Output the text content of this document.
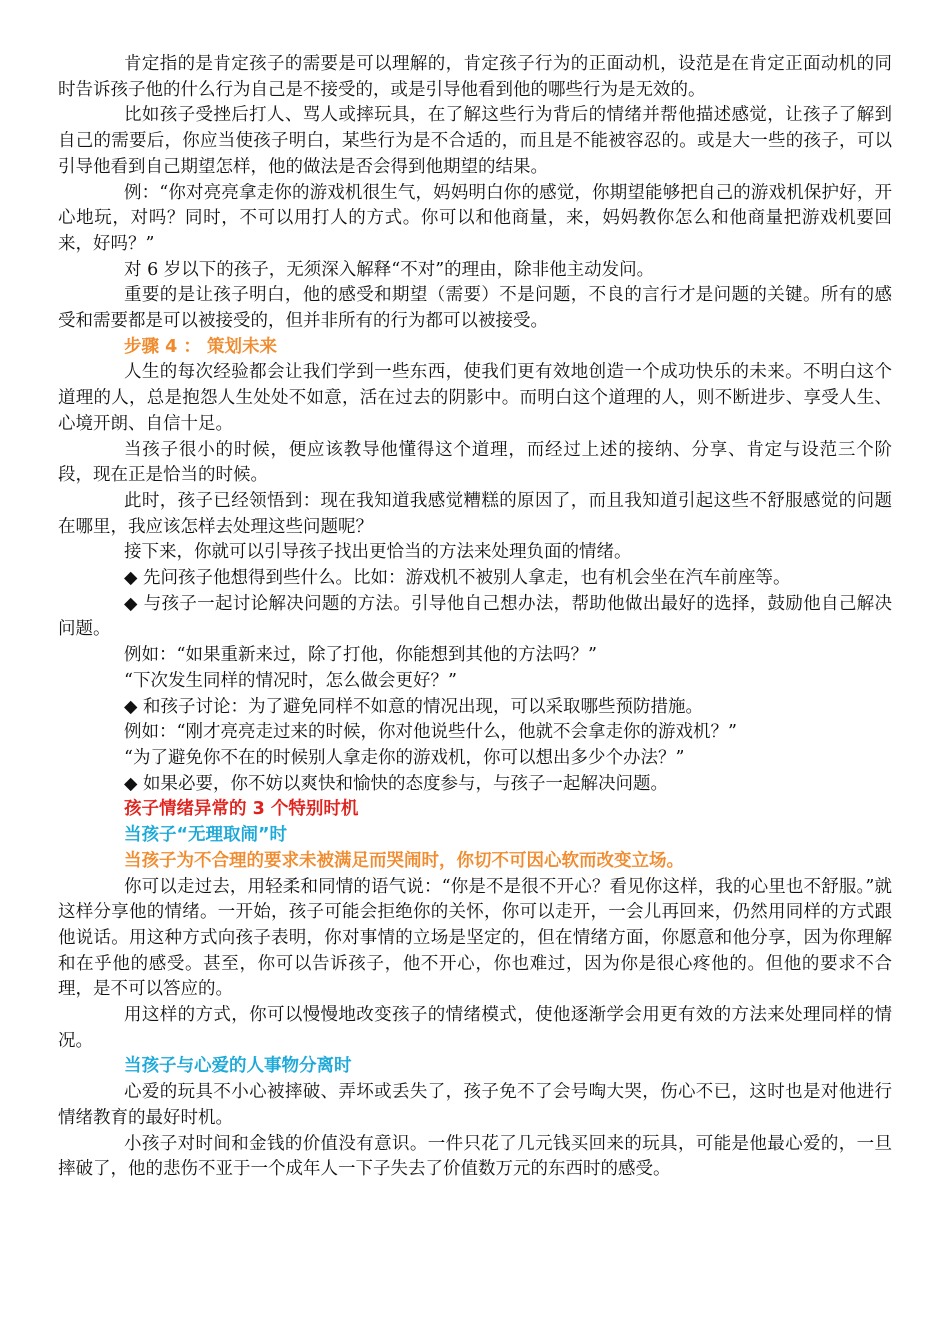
肯定指的是肯定孩子的需要是可以理解的，肯定孩子行为的正面动机，设范是在肯定正面动机的同时告诉孩子他的什么行为自己是不接受的，或是引导他看到他的哪些行为是无效的。

比如孩子受挫后打人、骂人或摔玩具，在了解这些行为背后的情绪并帮他描述感觉，让孩子了解到自己的需要后，你应当使孩子明白，某些行为是不合适的，而且是不能被容忍的。或是大一些的孩子，可以引导他看到自己期望怎样，他的做法是否会得到他期望的结果。

例：“你对亮亮拿走你的游戏机很生气，妈妈明白你的感觉，你期望能够把自己的游戏机保护好，开心地玩，对吗？同时，不可以用打人的方式。你可以和他商量，来，妈妈教你怎么和他商量把游戏机要回来，好吗？”

对 6 岁以下的孩子，无须深入解释“不对”的理由，除非他主动发问。

重要的是让孩子明白，他的感受和期望（需要）不是问题，不良的言行才是问题的关键。所有的感受和需要都是可以被接受的，但并非所有的行为都可以被接受。

步骤 4 ： 策划未来

人生的每次经验都会让我们学到一些东西，使我们更有效地创造一个成功快乐的未来。不明白这个道理的人，总是抱怨人生处处不如意，活在过去的阴影中。而明白这个道理的人，则不断进步、享受人生、心境开朗、自信十足。

当孩子很小的时候，便应该教导他懂得这个道理，而经过上述的接纳、分享、肯定与设范三个阶段，现在正是恰当的时候。

此时，孩子已经领悟到：现在我知道我感觉糟糕的原因了，而且我知道引起这些不舒服感觉的问题在哪里，我应该怎样去处理这些问题呢？

接下来，你就可以引导孩子找出更恰当的方法来处理负面的情绪。

◆ 先问孩子他想得到些什么。比如：游戏机不被别人拿走，也有机会坐在汽车前座等。

◆ 与孩子一起讨论解决问题的方法。引导他自己想办法，帮助他做出最好的选择，鼓励他自己解决问题。

例如：“如果重新来过，除了打他，你能想到其他的方法吗？”

“下次发生同样的情况时，怎么做会更好？”

◆ 和孩子讨论：为了避免同样不如意的情况出现，可以采取哪些预防措施。

例如：“刚才亮亮走过来的时候，你对他说些什么，他就不会拿走你的游戏机？”

“为了避免你不在的时候别人拿走你的游戏机，你可以想出多少个办法？”

◆ 如果必要，你不妨以爽快和愉快的态度参与，与孩子一起解决问题。

孩子情绪异常的 3 个特别时机

当孩子“无理取闹”时

当孩子为不合理的要求未被满足而哭闹时，你切不可因心软而改变立场。

你可以走过去，用轻柔和同情的语气说：“你是不是很不开心？看见你这样，我的心里也不舒服。”就这样分享他的情绪。一开始，孩子可能会拒绝你的关怀，你可以走开，一会儿再回来，仍然用同样的方式跟他说话。用这种方式向孩子表明，你对事情的立场是坚定的，但在情绪方面，你愿意和他分享，因为你理解和在乎他的感受。甚至，你可以告诉孩子，他不开心，你也难过，因为你是很心疼他的。但他的要求不合理，是不可以答应的。

用这样的方式，你可以慢慢地改变孩子的情绪模式，使他逐渐学会用更有效的方法来处理同样的情况。

当孩子与心爱的人事物分离时

心爱的玩具不小心被摔破、弄坏或丢失了，孩子免不了会号啕大哭，伤心不已，这时也是对他进行情绪教育的最好时机。

小孩子对时间和金钱的价值没有意识。一件只花了几元钱买回来的玩具，可能是他最心爱的，一旦摔破了，他的悲伤不亚于一个成年人一下子失去了价值数万元的东西时的感受。
